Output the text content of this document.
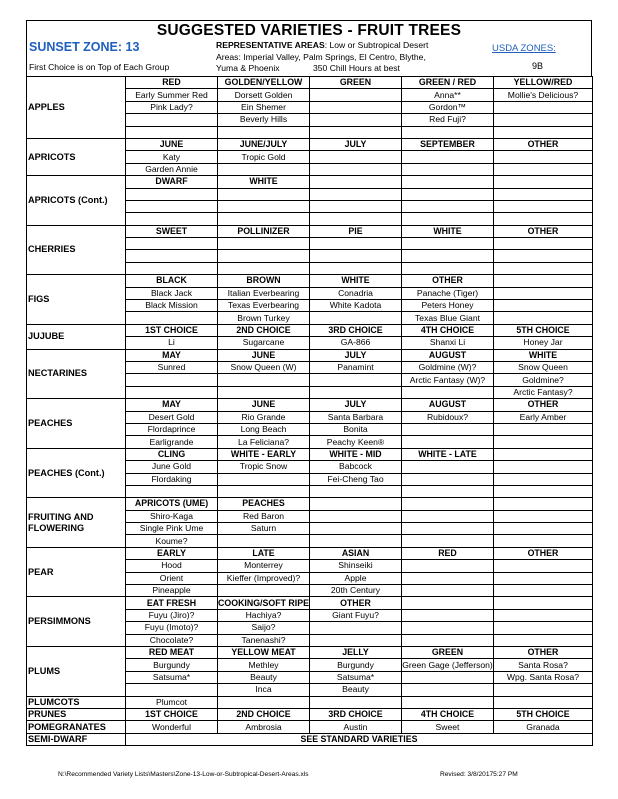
SUGGESTED VARIETIES - FRUIT TREES
SUNSET ZONE: 13
First Choice is on Top of Each Group
REPRESENTATIVE AREAS: Low or Subtropical Desert
Areas: Imperial Valley, Palm Springs, El Centro, Blythe,
Yuma & Phoenix	350 Chill Hours at best
USDA ZONES:
9B
APPLES	RED	GOLDEN/YELLOW	GREEN	GREEN / RED	YELLOW/RED
	Early Summer Red	Dorsett Golden		Anna**	Mollie's Delicious?
	Pink Lady?	Ein Shemer		Gordon™	
		Beverly Hills		Red Fuji?	

APRICOTS	JUNE	JUNE/JULY	JULY	SEPTEMBER	OTHER
	Katy	Tropic Gold			
	Garden Annie				
APRICOTS (Cont.)	DWARF	WHITE			

CHERRIES	SWEET	POLLINIZER	PIE	WHITE	OTHER

FIGS	BLACK	BROWN	WHITE	OTHER	
	Black Jack	Italian Everbearing	Conadria	Panache (Tiger)	
	Black Mission	Texas Everbearing	White Kadota	Peters Honey	
		Brown Turkey		Texas Blue Giant	
JUJUBE	1ST CHOICE	2ND CHOICE	3RD CHOICE	4TH CHOICE	5TH CHOICE
	Li	Sugarcane	GA-866	Shanxi Li	Honey Jar
NECTARINES	MAY	JUNE	JULY	AUGUST	WHITE
	Sunred	Snow Queen (W)	Panamint	Goldmine (W)?	Snow Queen
				Arctic Fantasy (W)?	Goldmine?
					Arctic Fantasy?
PEACHES	MAY	JUNE	JULY	AUGUST	OTHER
	Desert Gold	Rio Grande	Santa Barbara	Rubidoux?	Early Amber
	Flordaprince	Long Beach	Bonita		
	Earligrande	La Feliciana?	Peachy Keen®		
PEACHES (Cont.)	CLING	WHITE - EARLY	WHITE - MID	WHITE - LATE	
	June Gold	Tropic Snow	Babcock		
	Flordaking		Fei-Cheng Tao		

FRUITING AND FLOWERING	APRICOTS (UME)	PEACHES			
	Shiro-Kaga	Red Baron			
	Single Pink Ume	Saturn			
	Koume?				
PEAR	EARLY	LATE	ASIAN	RED	OTHER
	Hood	Monterrey	Shinseiki		
	Orient	Kieffer (Improved)?	Apple		
	Pineapple		20th Century		
PERSIMMONS	EAT FRESH	COOKING/SOFT RIPE	OTHER		
	Fuyu (Jiro)?	Hachiya?	Giant Fuyu?		
	Fuyu (Imoto)?	Saijo?			
	Chocolate?	Tanenashi?			
PLUMS	RED MEAT	YELLOW MEAT	JELLY	GREEN	OTHER
	Burgundy	Methley	Burgundy	Green Gage (Jefferson)	Santa Rosa?
	Satsuma*	Beauty	Satsuma*		Wpg. Santa Rosa?
		Inca	Beauty		
PLUMCOTS	Plumcot				
PRUNES	1ST CHOICE	2ND CHOICE	3RD CHOICE	4TH CHOICE	5TH CHOICE
POMEGRANATES	Wonderful	Ambrosia	Austin	Sweet	Granada
SEMI-DWARF	SEE STANDARD VARIETIES				
N:\Recommended Variety Lists\Masters\Zone-13-Low-or-Subtropical-Desert-Areas.xls	Revised: 3/8/20175:27 PM
